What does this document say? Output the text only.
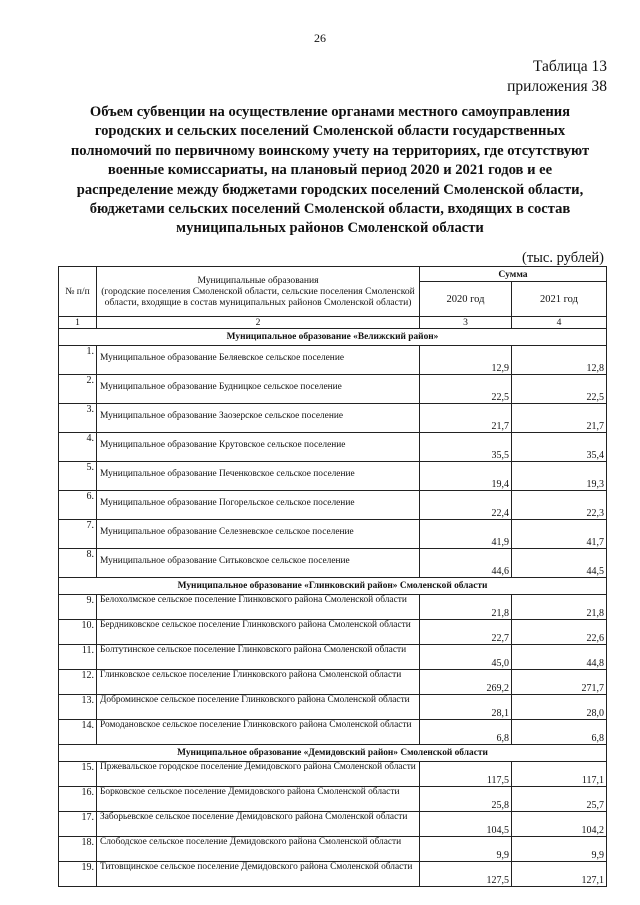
26
Таблица 13
приложения 38
Объем субвенции на осуществление органами местного самоуправления
городских и сельских поселений Смоленской области государственных
полномочий по первичному воинскому учету на территориях, где отсутствуют
военные комиссариаты, на плановый период 2020 и 2021 годов и ее
распределение между бюджетами городских поселений Смоленской области,
бюджетами сельских поселений Смоленской области, входящих в состав
муниципальных районов Смоленской области
(тыс. рублей)
№ п/п	Муниципальные образования
(городские поселения Смоленской области, сельские поселения Смоленской области, входящие в состав муниципальных районов Смоленской области)	Сумма	
		2020 год	2021 год
1	2	3	4
Муниципальное образование «Велижский район»			
1.	Муниципальное образование Беляевское сельское поселение	12,9	12,8
2.	Муниципальное образование Будницкое сельское поселение	22,5	22,5
3.	Муниципальное образование Заозерское сельское поселение	21,7	21,7
4.	Муниципальное образование Крутовское сельское поселение	35,5	35,4
5.	Муниципальное образование Печенковское сельское поселение	19,4	19,3
6.	Муниципальное образование Погорельское сельское поселение	22,4	22,3
7.	Муниципальное образование Селезневское сельское поселение	41,9	41,7
8.	Муниципальное образование Ситьковское сельское поселение	44,6	44,5
Муниципальное образование «Глинковский район» Смоленской области			
9.	Белохолмское сельское поселение Глинковского района Смоленской области	21,8	21,8
10.	Бердниковское сельское поселение Глинковского района Смоленской области	22,7	22,6
11.	Болтутинское сельское поселение Глинковского района Смоленской области	45,0	44,8
12.	Глинковское сельское поселение Глинковского района Смоленской области	269,2	271,7
13.	Доброминское сельское поселение Глинковского района Смоленской области	28,1	28,0
14.	Ромодановское сельское поселение Глинковского района Смоленской области	6,8	6,8
Муниципальное образование «Демидовский район» Смоленской области			
15.	Пржевальское городское поселение Демидовского района Смоленской области	117,5	117,1
16.	Борковское сельское поселение Демидовского района Смоленской области	25,8	25,7
17.	Заборьевское сельское поселение Демидовского района Смоленской области	104,5	104,2
18.	Слободское сельское поселение Демидовского района Смоленской области	9,9	9,9
19.	Титовщинское сельское поселение Демидовского района Смоленской области	127,5	127,1
